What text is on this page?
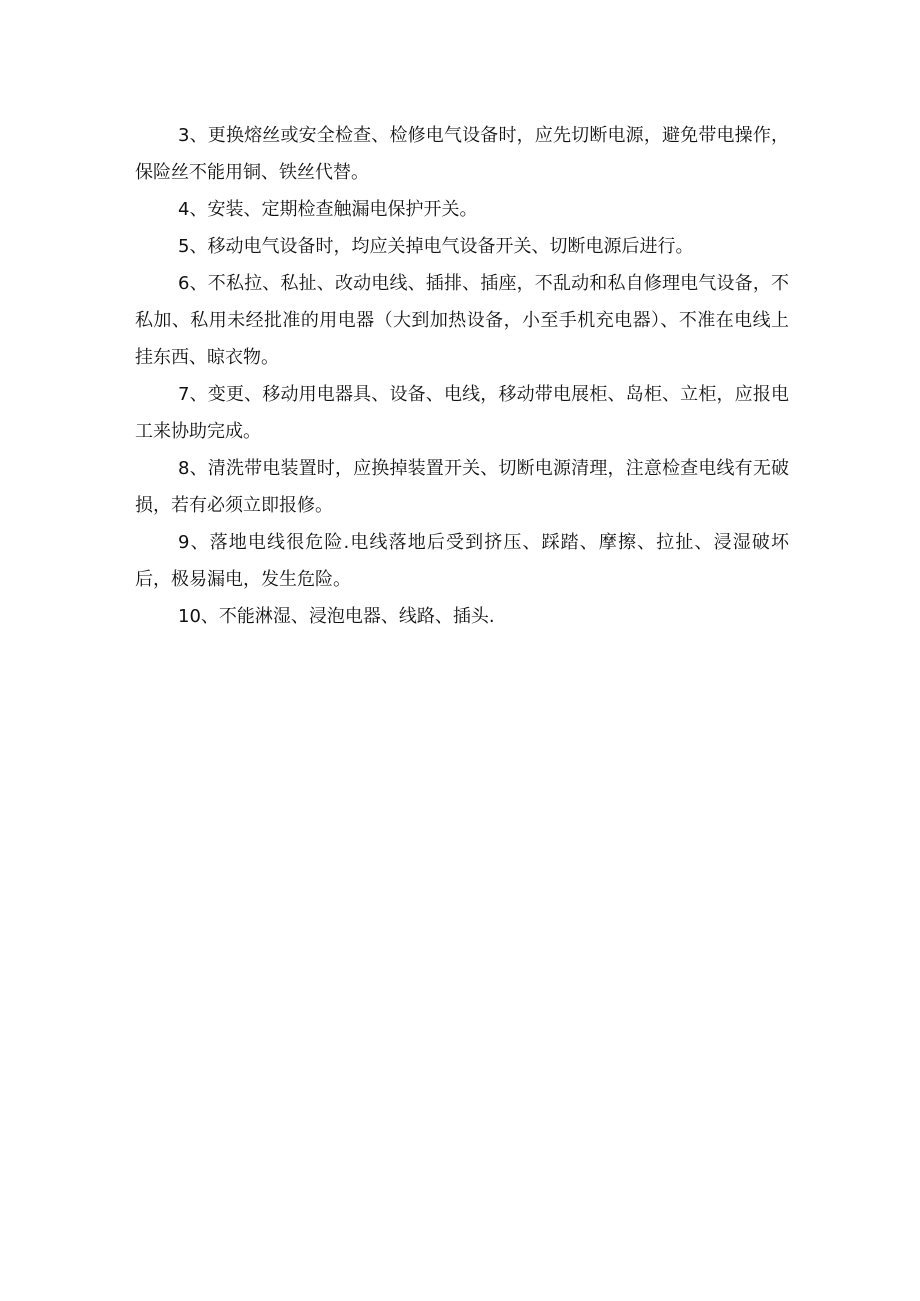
3、更换熔丝或安全检查、检修电气设备时，应先切断电源，避免带电操作，保险丝不能用铜、铁丝代替。

4、安装、定期检查触漏电保护开关。

5、移动电气设备时，均应关掉电气设备开关、切断电源后进行。

6、不私拉、私扯、改动电线、插排、插座，不乱动和私自修理电气设备，不私加、私用未经批准的用电器（大到加热设备，小至手机充电器）、不准在电线上挂东西、晾衣物。

7、变更、移动用电器具、设备、电线，移动带电展柜、岛柜、立柜，应报电工来协助完成。

8、清洗带电装置时，应换掉装置开关、切断电源清理，注意检查电线有无破损，若有必须立即报修。

9、落地电线很危险.电线落地后受到挤压、踩踏、摩擦、拉扯、浸湿破坏后，极易漏电，发生危险。

10、不能淋湿、浸泡电器、线路、插头.
